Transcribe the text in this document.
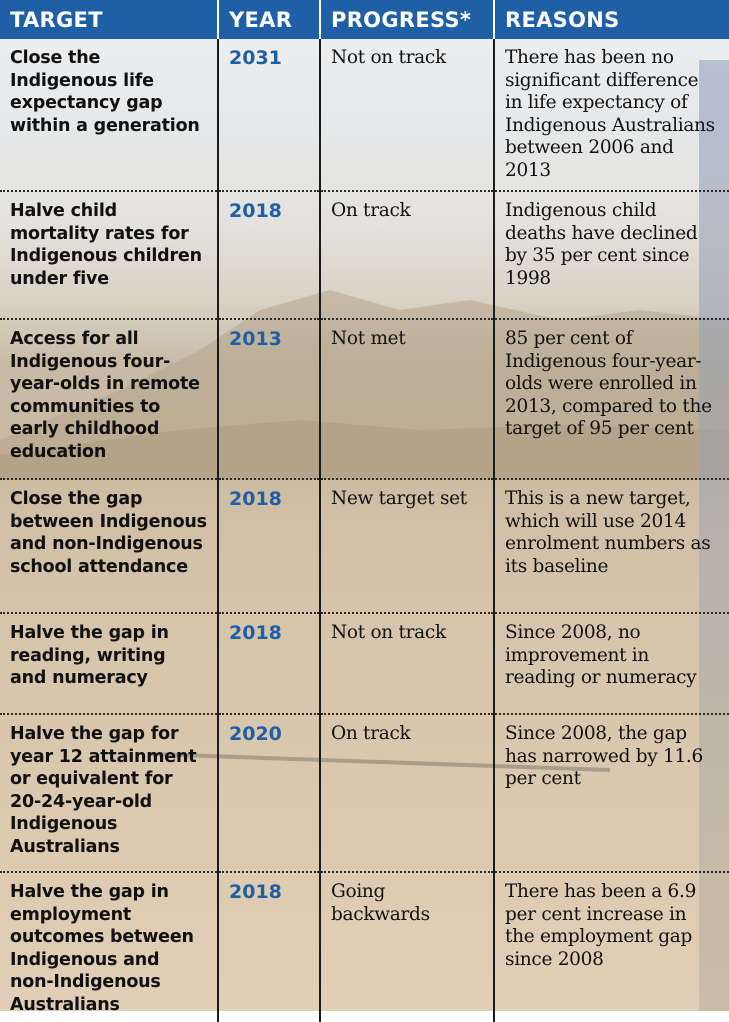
TARGET	YEAR	PROGRESS*	REASONS
Close the Indigenous life expectancy gap within a generation	2031	Not on track	There has been no significant difference in life expectancy of Indigenous Australians between 2006 and 2013
Halve child mortality rates for Indigenous children under five	2018	On track	Indigenous child deaths have declined by 35 per cent since 1998
Access for all Indigenous four-year-olds in remote communities to early childhood education	2013	Not met	85 per cent of Indigenous four-year-olds were enrolled in 2013, compared to the target of 95 per cent
Close the gap between Indigenous and non-Indigenous school attendance	2018	New target set	This is a new target, which will use 2014 enrolment numbers as its baseline
Halve the gap in reading, writing and numeracy	2018	Not on track	Since 2008, no improvement in reading or numeracy
Halve the gap for year 12 attainment or equivalent for 20-24-year-old Indigenous Australians	2020	On track	Since 2008, the gap has narrowed by 11.6 per cent
Halve the gap in employment outcomes between Indigenous and non-Indigenous Australians	2018	Going backwards	There has been a 6.9 per cent increase in the employment gap since 2008
